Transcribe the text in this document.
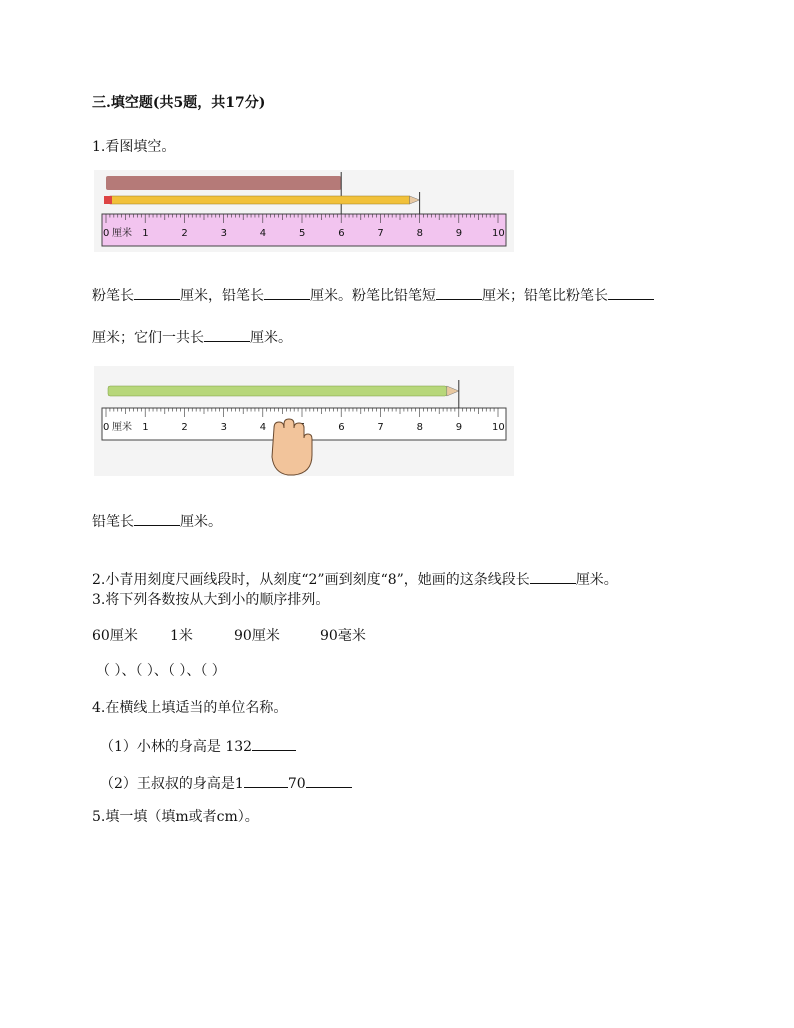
三.填空题(共5题，共17分)
1.看图填空。
0	1	2	3	4	5	6	7	8	9	10
厘米
粉笔长	厘米，铅笔长	厘米。粉笔比铅笔短	厘米；铅笔比粉笔长
厘米；它们一共长	厘米。
0	1	2	3	4	6	7	8	9	10
厘米
铅笔长	厘米。
2.小青用刻度尺画线段时，从刻度“2”画到刻度“8”，她画的这条线段长	厘米。
3.将下列各数按从大到小的顺序排列。
60厘米 1米	90厘米	90毫米
（ ）、（ ）、（ ）、（ ）
4.在横线上填适当的单位名称。
（1）小林的身高是 132
（2）王叔叔的身高是1	70
5.填一填（填m或者cm）。
